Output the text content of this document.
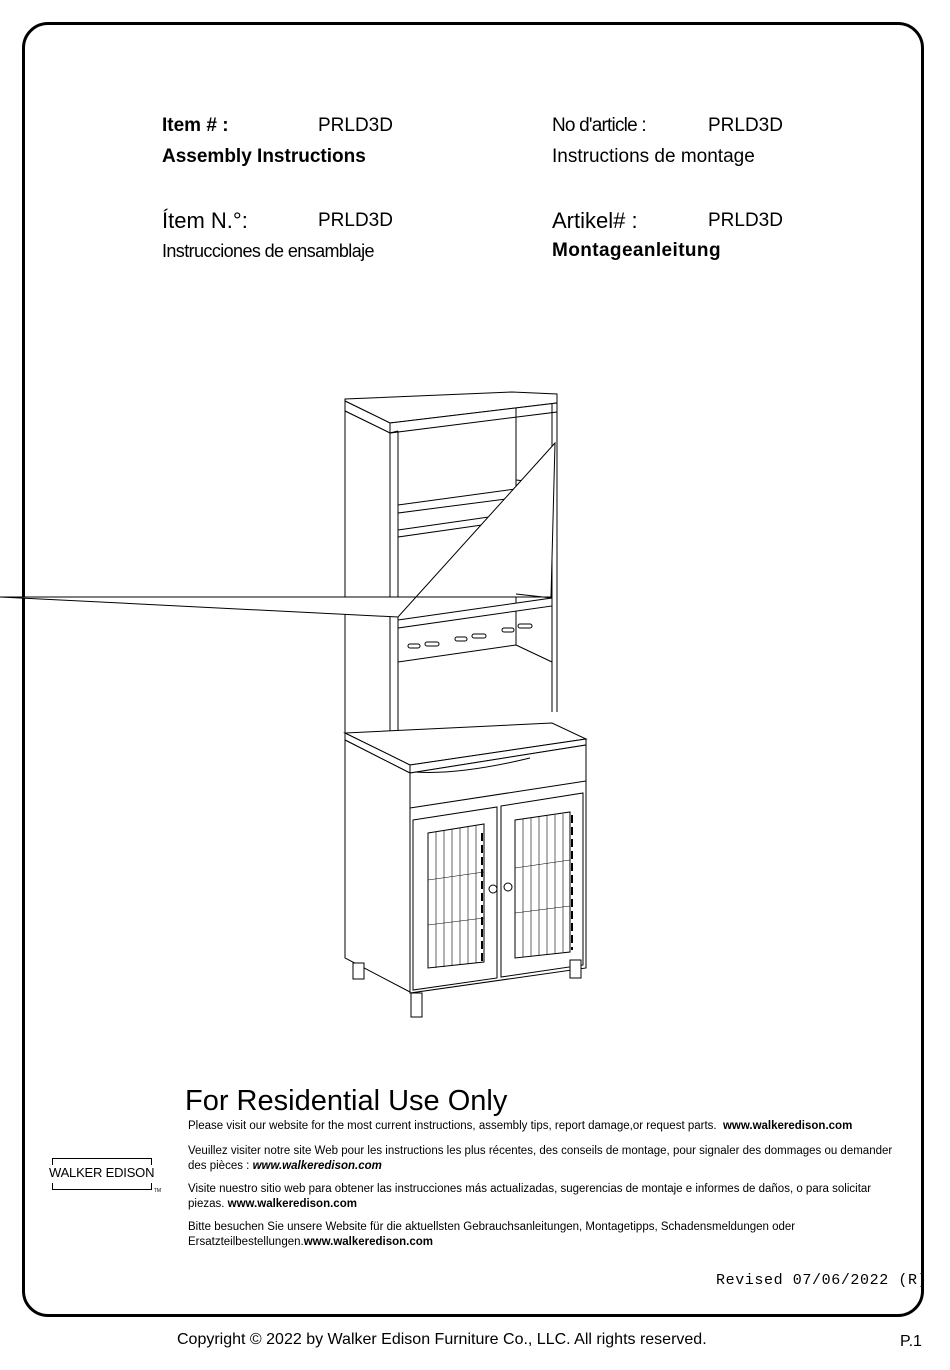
Item # :	PRLD3D
Assembly Instructions
No d'article :	PRLD3D
Instructions de montage
Ítem N.°:	PRLD3D
Instrucciones de ensamblaje
Artikel# :	PRLD3D
Montageanleitung
For Residential Use Only
Please visit our website for the most current instructions, assembly tips, report damage,or request parts. www.walkeredison.com
Veuillez visiter notre site Web pour les instructions les plus récentes, des conseils de montage, pour signaler des dommages ou demander des pièces : www.walkeredison.com
Visite nuestro sitio web para obtener las instrucciones más actualizadas, sugerencias de montaje e informes de daños, o para solicitar piezas. www.walkeredison.com
Bitte besuchen Sie unsere Website für die aktuellsten Gebrauchsanleitungen, Montagetipps, Schadensmeldungen oder Ersatzteilbestellungen.www.walkeredison.com
WALKER EDISON
TM
Revised 07/06/2022 (R)
Copyright © 2022 by Walker Edison Furniture Co., LLC. All rights reserved.	P.1
